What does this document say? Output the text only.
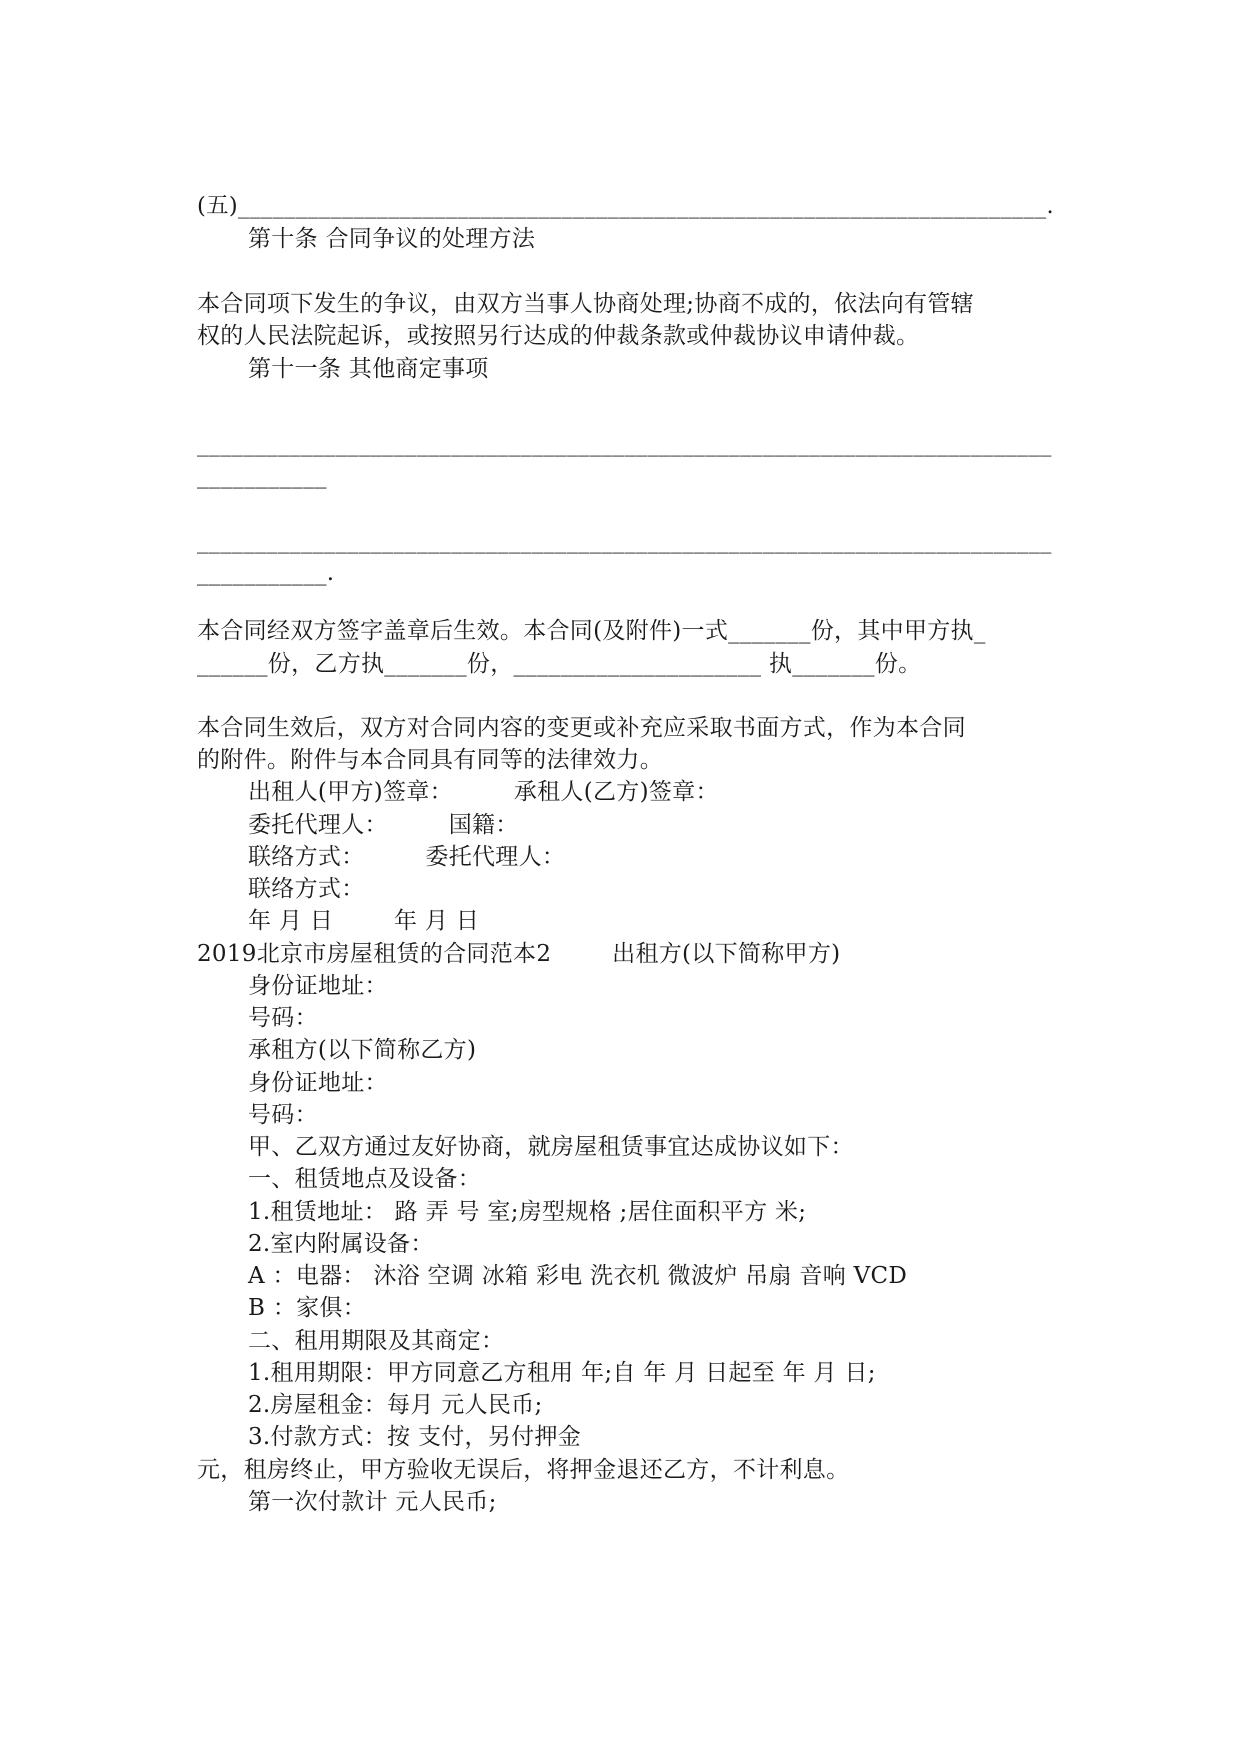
(五)______________________________________________________________________.
第十条 合同争议的处理方法
本合同项下发生的争议，由双方当事人协商处理;协商不成的，依法向有管辖
权的人民法院起诉，或按照另行达成的仲裁条款或仲裁协议申请仲裁。
第十一条 其他商定事项
__________________________________________________________________________
___________
__________________________________________________________________________
___________.
本合同经双方签字盖章后生效。本合同(及附件)一式_______份，其中甲方执_
______份，乙方执_______份，_____________________ 执_______份。
本合同生效后，双方对合同内容的变更或补充应采取书面方式，作为本合同
的附件。附件与本合同具有同等的法律效力。
出租人(甲方)签章：        承租人(乙方)签章：
委托代理人：        国籍：
联络方式：        委托代理人：
联络方式：
年 月 日        年 月 日
2019北京市房屋租赁的合同范本2        出租方(以下简称甲方)
身份证地址：
号码：
承租方(以下简称乙方)
身份证地址：
号码：
甲、乙双方通过友好协商，就房屋租赁事宜达成协议如下：
一、租赁地点及设备：
1.租赁地址： 路 弄 号 室;房型规格 ;居住面积平方 米;
2.室内附属设备：
A ：电器： 沐浴 空调 冰箱 彩电 洗衣机 微波炉 吊扇 音响 VCD
B ：家俱：
二、租用期限及其商定：
1.租用期限：甲方同意乙方租用 年;自 年 月 日起至 年 月 日;
2.房屋租金：每月 元人民币;
3.付款方式：按 支付，另付押金
元，租房终止，甲方验收无误后，将押金退还乙方，不计利息。
第一次付款计 元人民币;
